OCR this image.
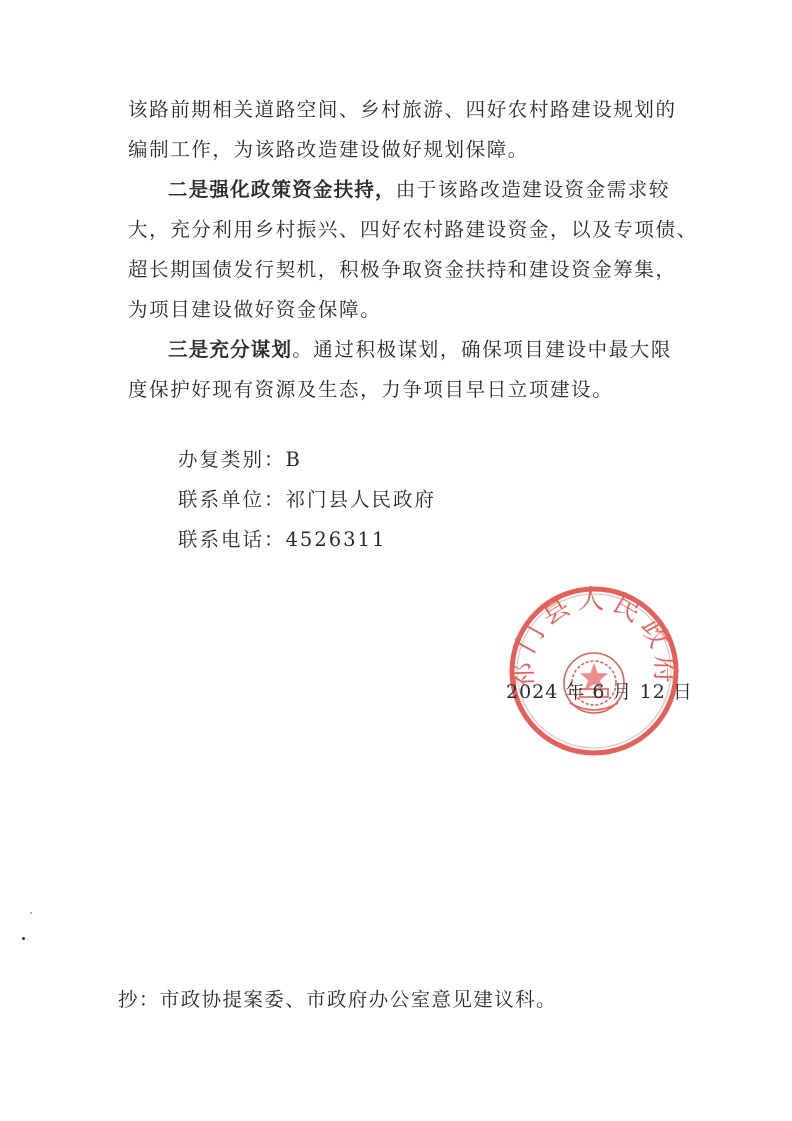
该路前期相关道路空间、乡村旅游、四好农村路建设规划的
编制工作，为该路改造建设做好规划保障。
二是强化政策资金扶持，由于该路改造建设资金需求较
大，充分利用乡村振兴、四好农村路建设资金，以及专项债、
超长期国债发行契机，积极争取资金扶持和建设资金筹集，
为项目建设做好资金保障。
三是充分谋划。通过积极谋划，确保项目建设中最大限
度保护好现有资源及生态，力争项目早日立项建设。
办复类别：B
联系单位：祁门县人民政府
联系电话：4526311
祁门县人民政府
2024 年 6 月 12 日
抄：市政协提案委、市政府办公室意见建议科。
